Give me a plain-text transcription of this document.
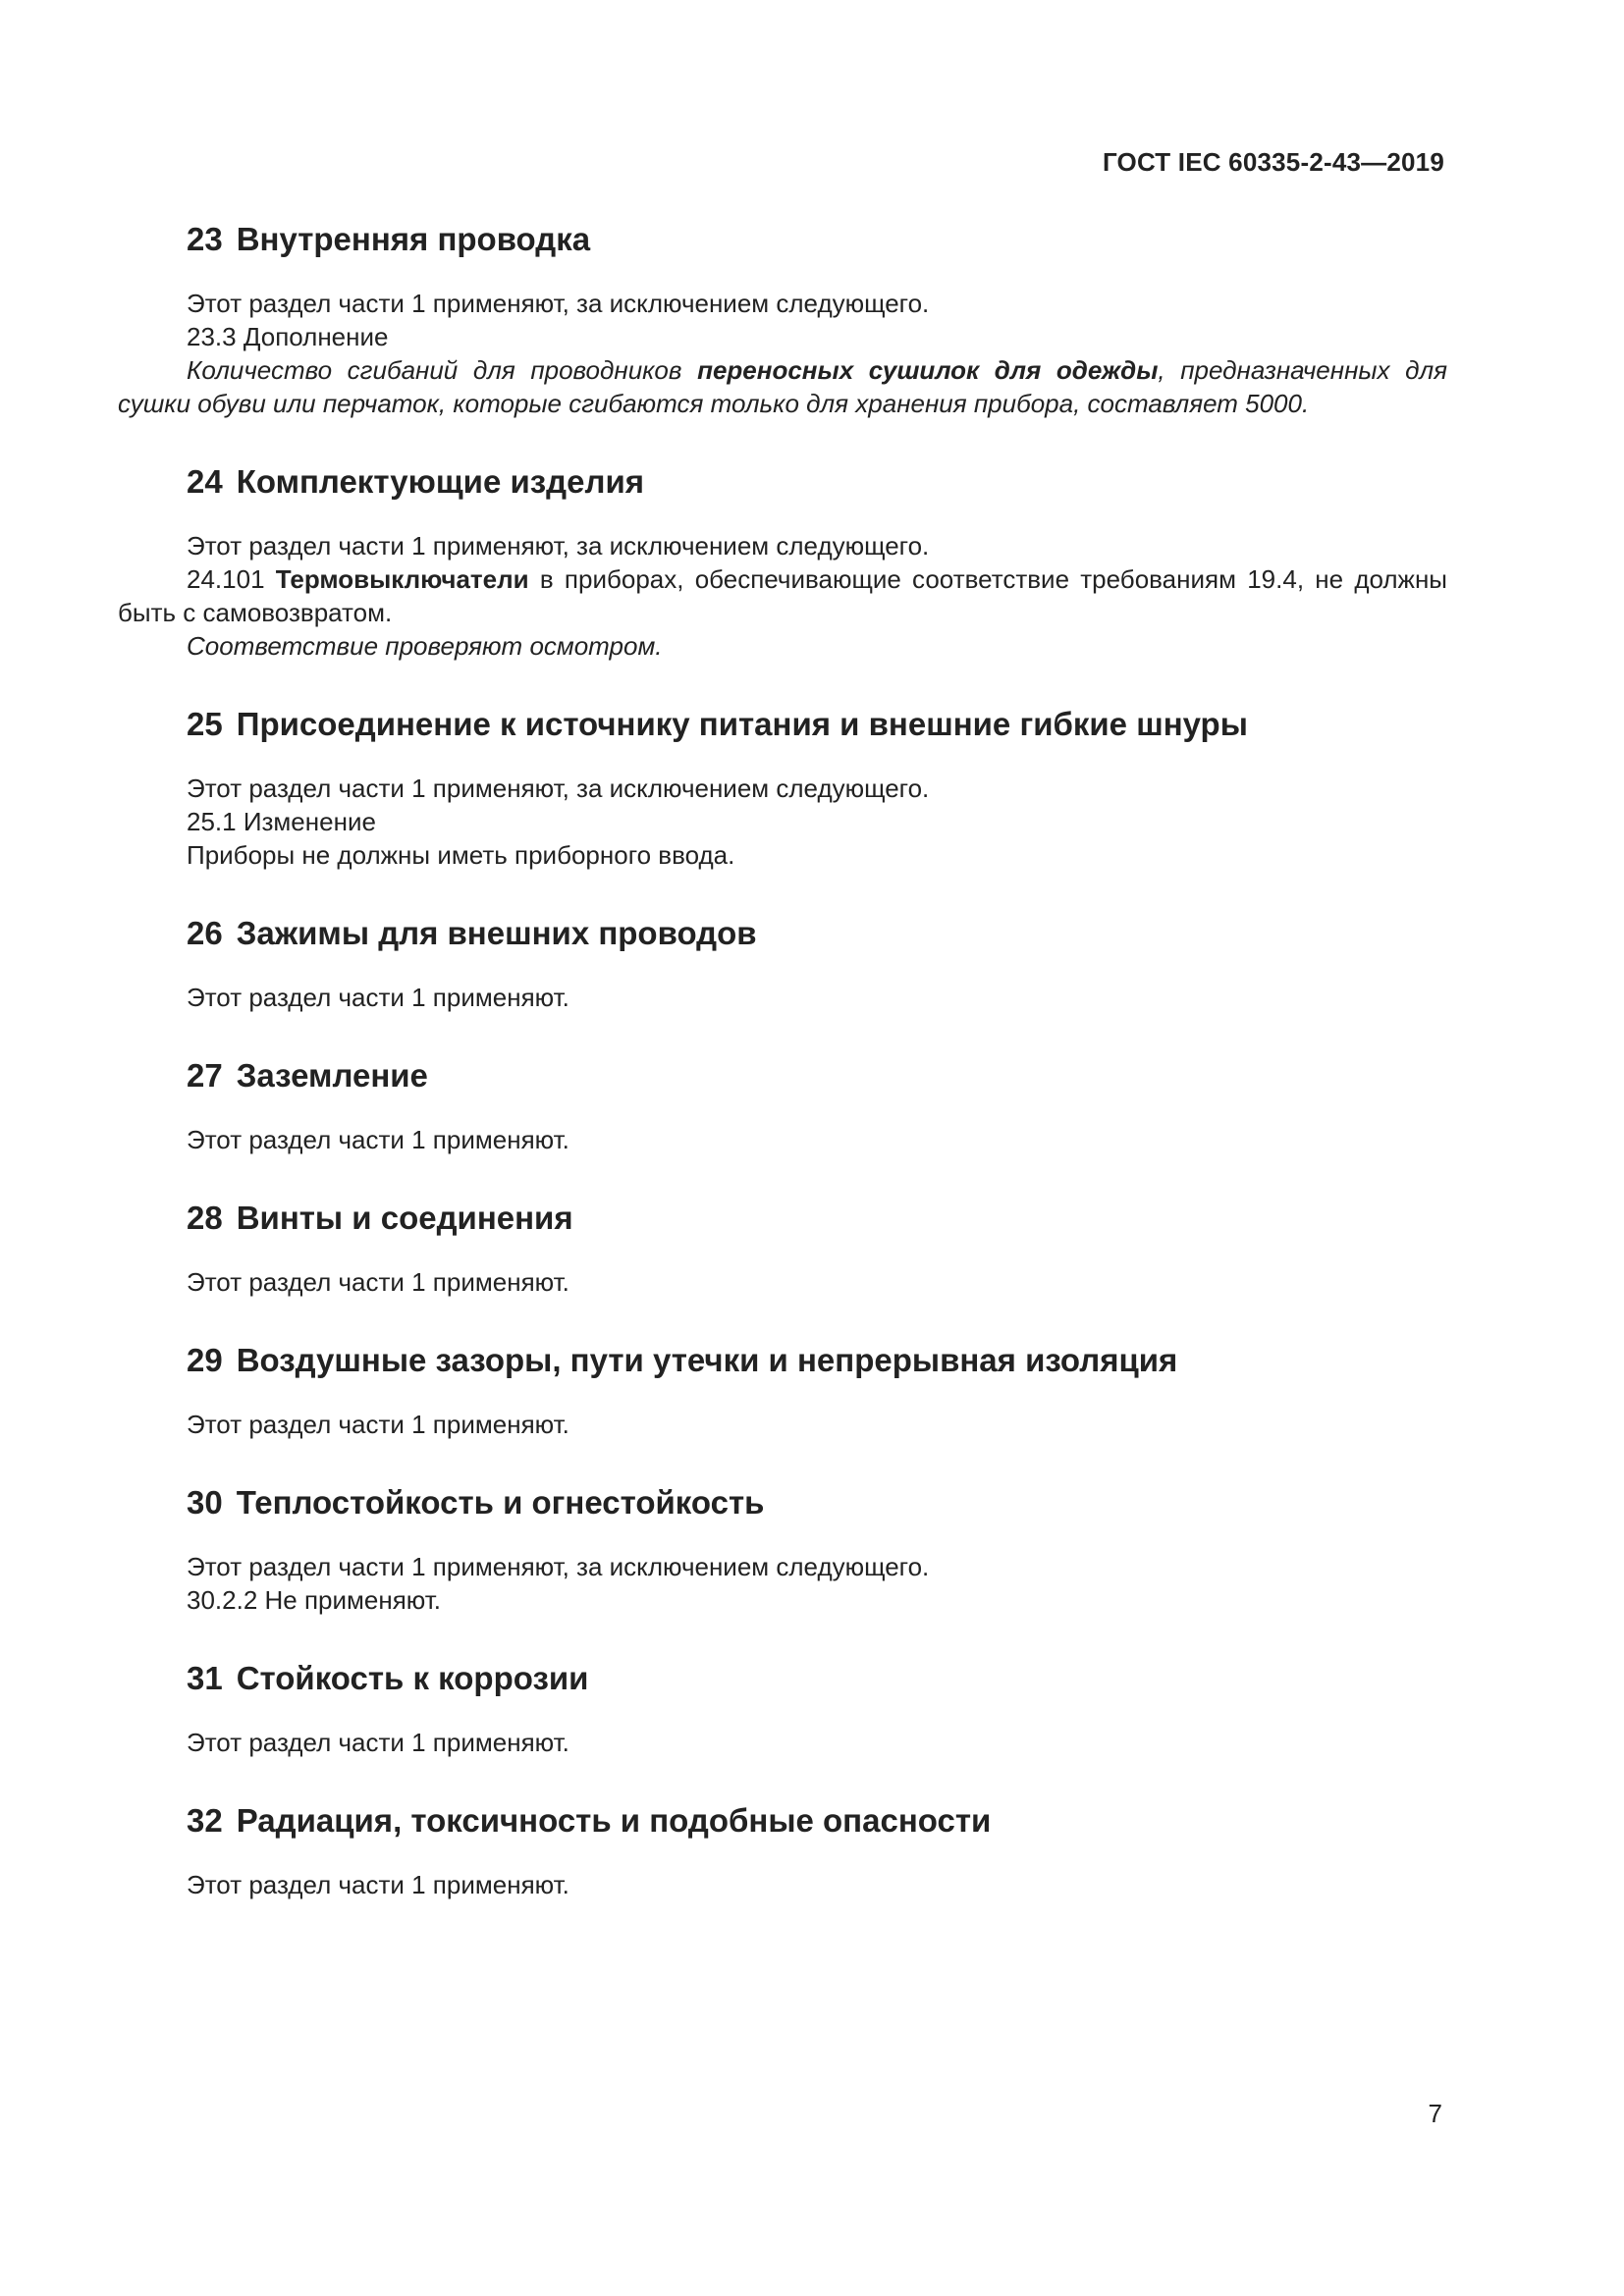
ГОСТ IEC 60335-2-43—2019
23 Внутренняя проводка

Этот раздел части 1 применяют, за исключением следующего.

23.3 Дополнение

Количество сгибаний для проводников переносных сушилок для одежды, предназначенных для сушки обуви или перчаток, которые сгибаются только для хранения прибора, составляет 5000.

24 Комплектующие изделия

Этот раздел части 1 применяют, за исключением следующего.

24.101 Термовыключатели в приборах, обеспечивающие соответствие требованиям 19.4, не должны быть с самовозвратом.

Соответствие проверяют осмотром.

25 Присоединение к источнику питания и внешние гибкие шнуры

Этот раздел части 1 применяют, за исключением следующего.

25.1 Изменение

Приборы не должны иметь приборного ввода.

26 Зажимы для внешних проводов

Этот раздел части 1 применяют.

27 Заземление

Этот раздел части 1 применяют.

28 Винты и соединения

Этот раздел части 1 применяют.

29 Воздушные зазоры, пути утечки и непрерывная изоляция

Этот раздел части 1 применяют.

30 Теплостойкость и огнестойкость

Этот раздел части 1 применяют, за исключением следующего.

30.2.2 Не применяют.

31 Стойкость к коррозии

Этот раздел части 1 применяют.

32 Радиация, токсичность и подобные опасности

Этот раздел части 1 применяют.

7
